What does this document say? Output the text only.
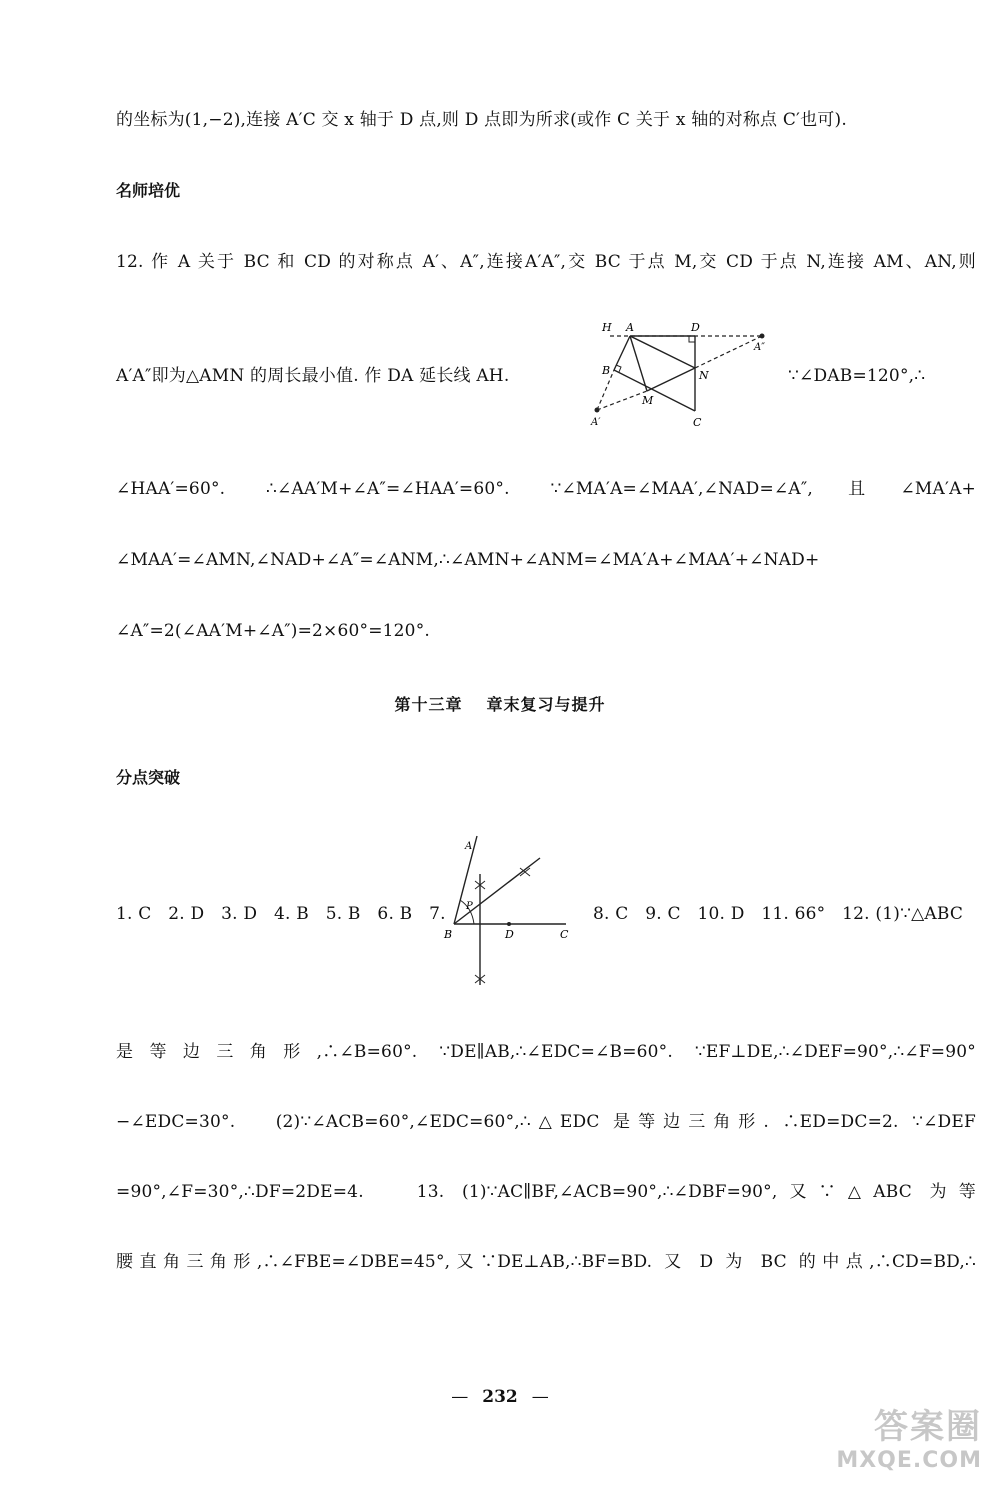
的坐标为(1,−2),连接 A′C 交 x 轴于 D 点,则 D 点即为所求(或作 C 关于 x 轴的对称点 C′也可).
名师培优
12. 作 A 关于 BC 和 CD 的对称点 A′、A″,连接A′A″,交 BC 于点 M,交 CD 于点 N,连接 AM、AN,则
A′A″即为△AMN 的周长最小值. 作 DA 延长线 AH.
H A	D
A″
B	N
M
A′	C
∵∠DAB=120°,∴
∠HAA′=60°. ∴∠AA′M+∠A″=∠HAA′=60°. ∵∠MA′A=∠MAA′,∠NAD=∠A″,且∠MA′A+
∠MAA′=∠AMN,∠NAD+∠A″=∠ANM,∴∠AMN+∠ANM=∠MA′A+∠MAA′+∠NAD+
∠A″=2(∠AA′M+∠A″)=2×60°=120°.
第十三章 章末复习与提升
分点突破
1. C   2. D   3. D   4. B   5. B   6. B   7.
A
P
B	D	C
8. C   9. C   10. D   11. 66°   12. (1)∵△ABC
是等边三角形,∴∠B=60°. ∵DE∥AB,∴∠EDC=∠B=60°. ∵EF⊥DE,∴∠DEF=90°,∴∠F=90°
−∠EDC=30°.   (2)∵∠ACB=60°,∠EDC=60°,∴△EDC 是等边三角形. ∴ED=DC=2. ∵∠DEF
=90°,∠F=30°,∴DF=2DE=4.   13. (1)∵AC∥BF,∠ACB=90°,∴∠DBF=90°,又∵△ABC 为等
腰直角三角形,∴∠FBE=∠DBE=45°,又∵DE⊥AB,∴BF=BD. 又 D 为 BC 的中点,∴CD=BD,∴
— 232 —
答案圈
MXQE.COM
